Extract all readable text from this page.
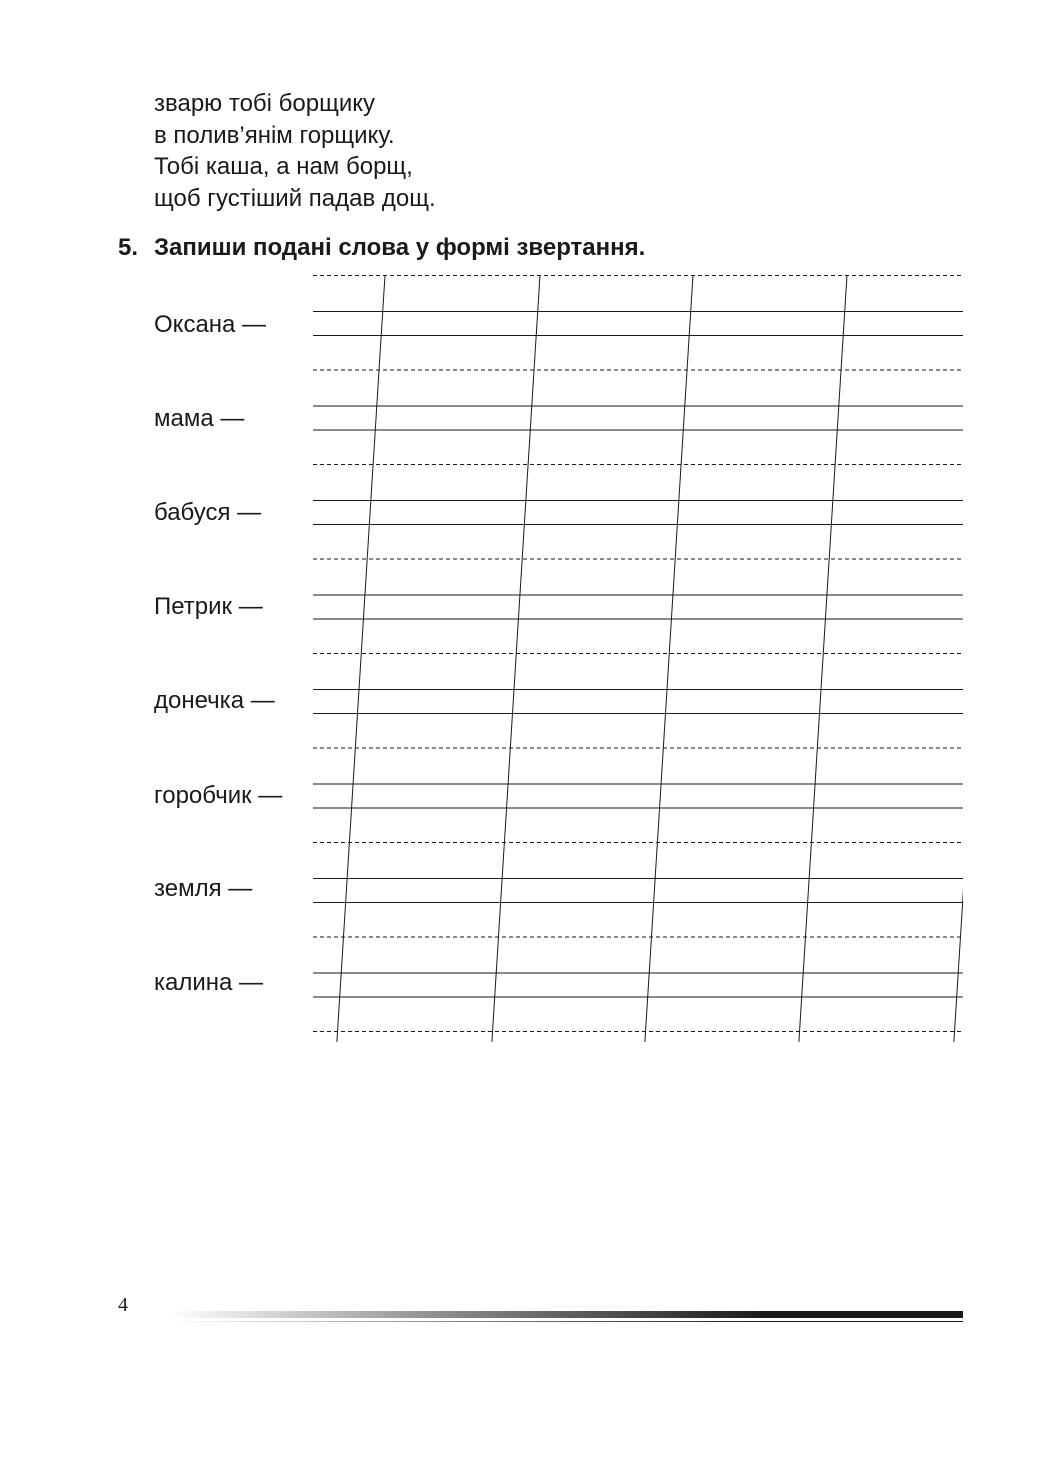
зварю тобі борщику
в полив’янім горщику.
Тобі каша, а нам борщ,
щоб густіший падав дощ.
5. Запиши подані слова у формі звертання.
Оксана —
мама —
бабуся —
Петрик —
донечка —
горобчик —
земля —
калина —
4
